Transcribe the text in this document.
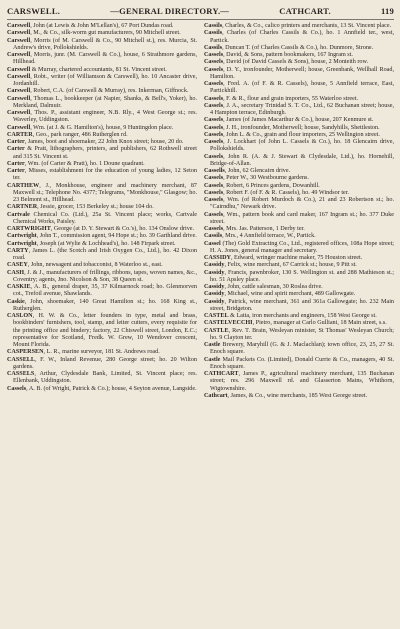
CARSWELL.	—GENERAL DIRECTORY.—	CATHCART.	119

Carswell, John (at Lewis & John M'Lellan's), 67 Port Dundas road.

Carswell, M., & Co., silk-worm gut manufacturers, 90 Mitchell street.

Carswell, Morris (of M. Carswell & Co., 90 Mitchell st.), res. Murcia, St. Andrew's drive, Pollokshields.

Carswell, Morris, junr. (M. Carswell & Co.), house, 6 Strathmore gardens, Hillhead.

Carswell & Murray, chartered accountants, 81 St. Vincent street.

Carswell, Robt., writer (of Williamson & Carswell), ho. 10 Ancaster drive, Jordanhill.

Carswell, Robert, C.A. (of Carswell & Murray), res. Inkerman, Giffnock.

Carswell, Thomas L., bookkeeper (at Napier, Shanks, & Bell's, Yoker), ho. Merkland, Dalmuir.

Carswell, Thos. P., assistant engineer, N.B. Rly., 4 West George st.; res. Waverley, Uddingston.

Carswell, Wm. (at J. & G. Hamilton's), house, 9 Huntingdon place.

CARTER, Geo., park ranger, 486 Rutherglen rd.

Carter, James, boot and shoemaker, 22 John Knox street; house, 20 do.

Carter & Pratt, lithographers, printers, and publishers, 62 Rothwell street and 315 St. Vincent st.

Carter, Wm. (of Carter & Pratt), ho. 1 Doune quadrant.

Carter, Misses, establishment for the education of young ladies, 12 Seton ter.

CARTHEW, J., Monkhouse, engineer and machinery merchant, 87 Maxwell st.; Telephone No. 4377; Telegrams, "Monkhouse," Glasgow; ho. 23 Belmont st., Hillhead.

CARTNER, Jessie, grocer, 153 Berkeley st.; house 104 do.

Cartvale Chemical Co. (Ltd.), 25a St. Vincent place; works, Cartvale Chemical Works, Paisley.

CARTWRIGHT, George (at D. Y. Stewart & Co.'s), ho. 134 Onslow drive.

Cartwright, John T., commission agent, 94 Hope st.; ho. 39 Garthland drive.

Cartwright, Joseph (at Wylie & Lochhead's), ho. 148 Firpark street.

CARTY, James L. (the Scotch and Irish Oxygen Co., Ltd.), ho. 42 Dixon road.

CASEY, John, newsagent and tobacconist, 8 Waterloo st., east.

CASH, J. & J., manufacturers of frillings, ribbons, tapes, woven names, &c., Coventry; agents, Jno. Nicolson & Son, 38 Queen st.

CASKIE, A. B., general draper, 35, 37 Kilmarnock road; ho. Glenmorven cot., Trefoil avenue, Shawlands.

Caskie, John, shoemaker, 140 Great Hamilton st.; ho. 168 King st., Rutherglen.

CASLON, H. W. & Co., letter founders in type, metal and brass, bookbinders' furnishers, tool, stamp, and letter cutters, every requisite for the printing office and bindery; factory, 22 Chiswell street, London, E.C.; representative for Scotland, Fredk. W. Grew, 10 Wendover crescent, Mount Florida.

CASPERSEN, L. R., marine surveyor, 181 St. Andrews road.

CASSELL, F. W., Inland Revenue, 280 George street; ho. 20 Wilton gardens.

CASSELS, Arthur, Clydesdale Bank, Limited, St. Vincent place; res. Ellenbank, Uddingston.

Cassels, A. B. (of Wright, Patrick & Co.); house, 4 Seyton avenue, Langside.

Cassils, Charles, & Co., calico printers and merchants, 13 St. Vincent place.

Cassils, Charles (of Charles Cassils & Co.), ho. 1 Annfield ter., west, Partick.

Cassils, Duncan T. (of Charles Cassils & Co.), ho. Dunmore, Strone.

Cassels, David, & Sons, pattern bookmakers, 167 Ingram st.

Cassels, David (of David Cassels & Sons), house, 2 Monteith row.

Cassels, D. Y., ironfounder, Motherwell; house, Greenbank, Wellhall Road, Hamilton.

Cassels, Fred. A. (of F. & R. Cassels), house, 5 Annfield terrace, East, Partickhill.

Cassels, F. & R., flour and grain importers, 55 Waterloo street.

Cassels, J. A., secretary Trinidad S. T. Co., Ltd., 62 Buchanan street; house, 4 Hampton terrace, Edinburgh.

Cassels, James (of James Macarthur & Co.), house, 207 Kenmure st.

Cassels, J. H., ironfounder, Motherwell; house, Sandyhills, Shettleston.

Cassels, John L. & Co., grain and flour importers, 25 Wellington street.

Cassels, J. Lockhart (of John L. Cassels & Co.), ho. 18 Glencairn drive, Pollokshields.

Cassels, John R. (A. & J. Stewart & Clydesdale, Ltd.), ho. Hornehill, Bridge-of-Allan.

Cassells, John, 62 Glencairn drive.

Cassels, Peter W., 30 Westbourne gardens.

Cassels, Robert, 6 Princes gardens, Dowanhill.

Cassels, Robert F. (of F. & R. Cassels), ho. 49 Windsor ter.

Cassels, Wm. (of Robert Murdoch & Co.), 21 and 23 Robertson st.; ho. "Cairndhu," Newark drive.

Cassels, Wm., pattern book and card maker, 167 Ingram st.; ho. 377 Duke street.

Cassels, Mrs. Jas. Patterson, 1 Derby ter.

Cassils, Mrs., 4 Annfield terrace, W., Partick.

Cassel (The) Gold Extracting Co., Ltd., registered offices, 108a Hope street; H. A. Jones, general manager and secretary.

CASSIDY, Edward, wringer machine maker, 75 Houston street.

Cassidy, Felix, wine merchant, 67 Carrick st.; house, 9 Pitt st.

Cassidy, Francis, pawnbroker, 130 S. Wellington st. and 288 Mathieson st.; ho. 51 Apsley place.

Cassidy, John, cattle salesman, 30 Roslea drive.

Cassidy, Michael, wine and spirit merchant, 489 Gallowgate.

Cassidy, Patrick, wine merchant, 361 and 361a Gallowgate; ho. 232 Main street, Bridgeton.

CASTEL & Latta, iron merchants and engineers, 158 West George st.

CASTELVECCHI, Pietro, manager at Carlo Gulliani, 18 Main street, s.s.

CASTLE, Rev. T. Brain, Wesleyan minister, St Thomas' Wesleyan Church; ho. 9 Clayton ter.

Castle Brewery, Maryhill (G. & J. Maclachlan); town office, 23, 25, 27 St. Enoch square.

Castle Mail Packets Co. (Limited), Donald Currie & Co., managers, 40 St. Enoch square.

CATHCART, James P., agricultural machinery merchant, 135 Buchanan street; res. 296 Maxwell rd. and Glasserton Mains, Whithorn, Wigtownshire.

Cathcart, James, & Co., wine merchants, 185 West George street.
